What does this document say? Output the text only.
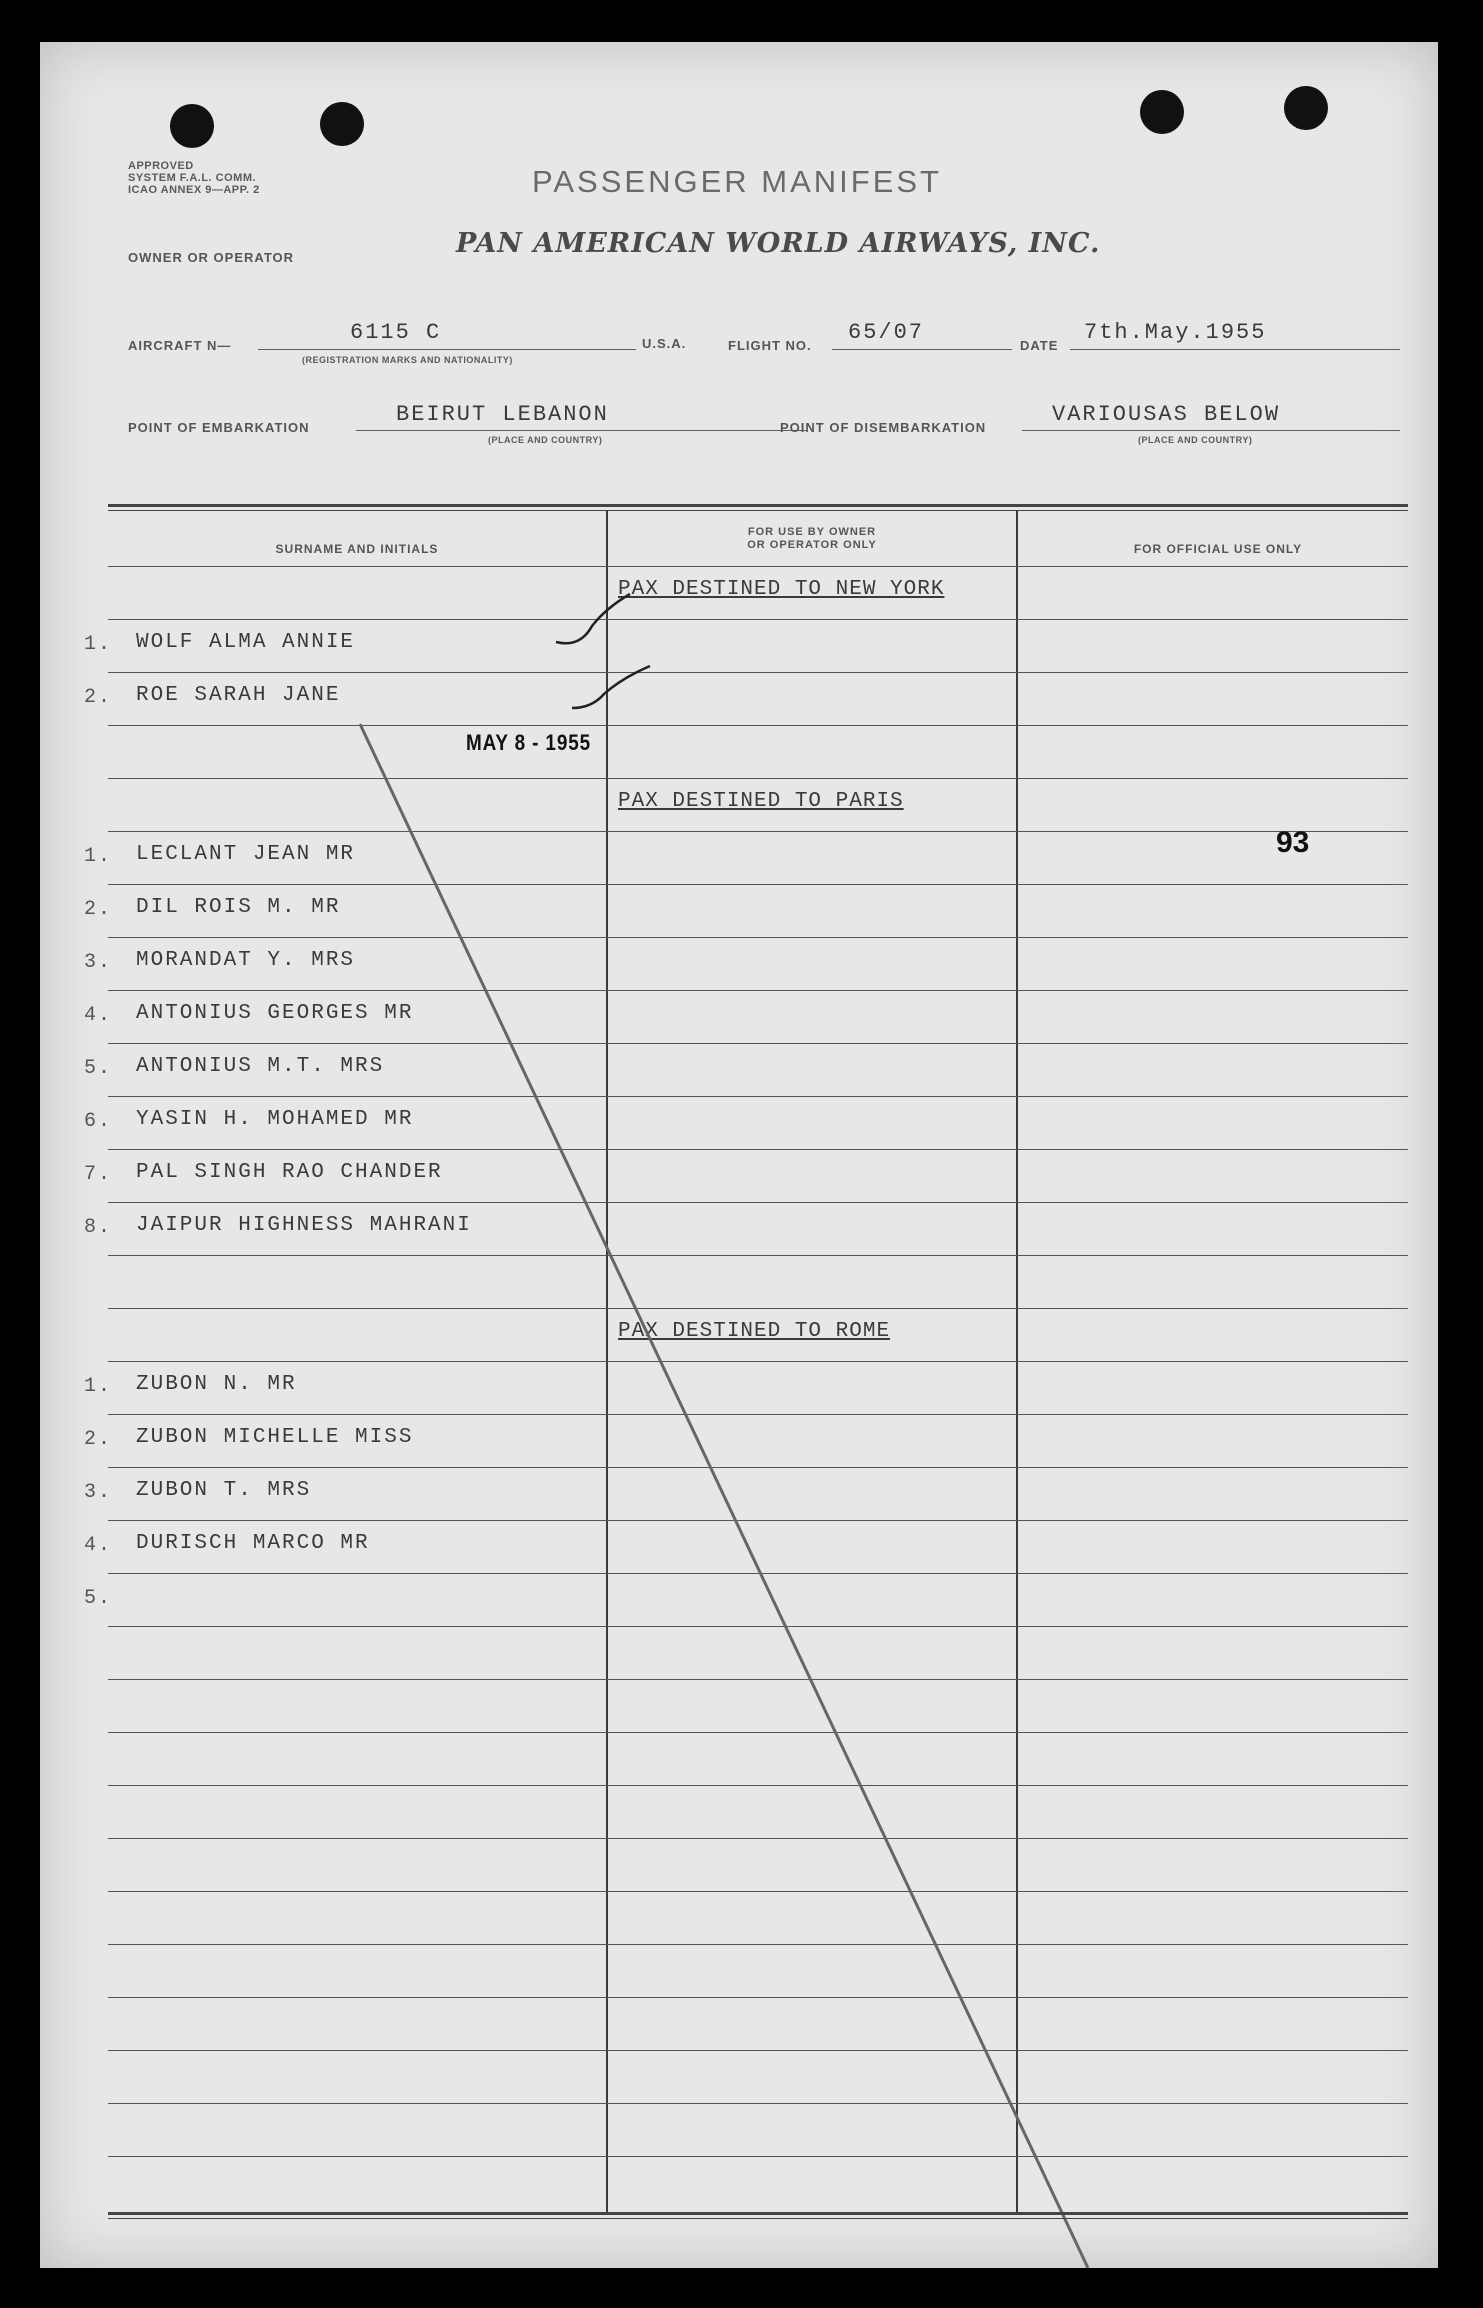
APPROVED
SYSTEM F.A.L. COMM.
ICAO ANNEX 9—APP. 2	PASSENGER MANIFEST
OWNER OR OPERATOR	PAN AMERICAN WORLD AIRWAYS, INC.
AIRCRAFT N—
6115 C
(REGISTRATION MARKS AND NATIONALITY)
U.S.A.	FLIGHT NO.
65/07
DATE
7th.May.1955
POINT OF EMBARKATION
BEIRUT LEBANON
(PLACE AND COUNTRY)
POINT OF DISEMBARKATION
VARIOUSAS BELOW
(PLACE AND COUNTRY)
SURNAME AND INITIALS
FOR USE BY OWNER
OR OPERATOR ONLY	FOR OFFICIAL USE ONLY
PAX DESTINED TO NEW YORK
1. WOLF ALMA ANNIE
2. ROE SARAH JANE
PAX DESTINED TO PARIS
1. LECLANT JEAN MR
2. DIL ROIS M. MR
3. MORANDAT Y. MRS
4. ANTONIUS GEORGES MR
5. ANTONIUS M.T. MRS
6. YASIN H. MOHAMED MR
7. PAL SINGH RAO CHANDER
8. JAIPUR HIGHNESS MAHRANI
PAX DESTINED TO ROME
1. ZUBON N. MR
2. ZUBON MICHELLE MISS
3. ZUBON T. MRS
4. DURISCH MARCO MR
5.
MAY 8 - 1955
93
